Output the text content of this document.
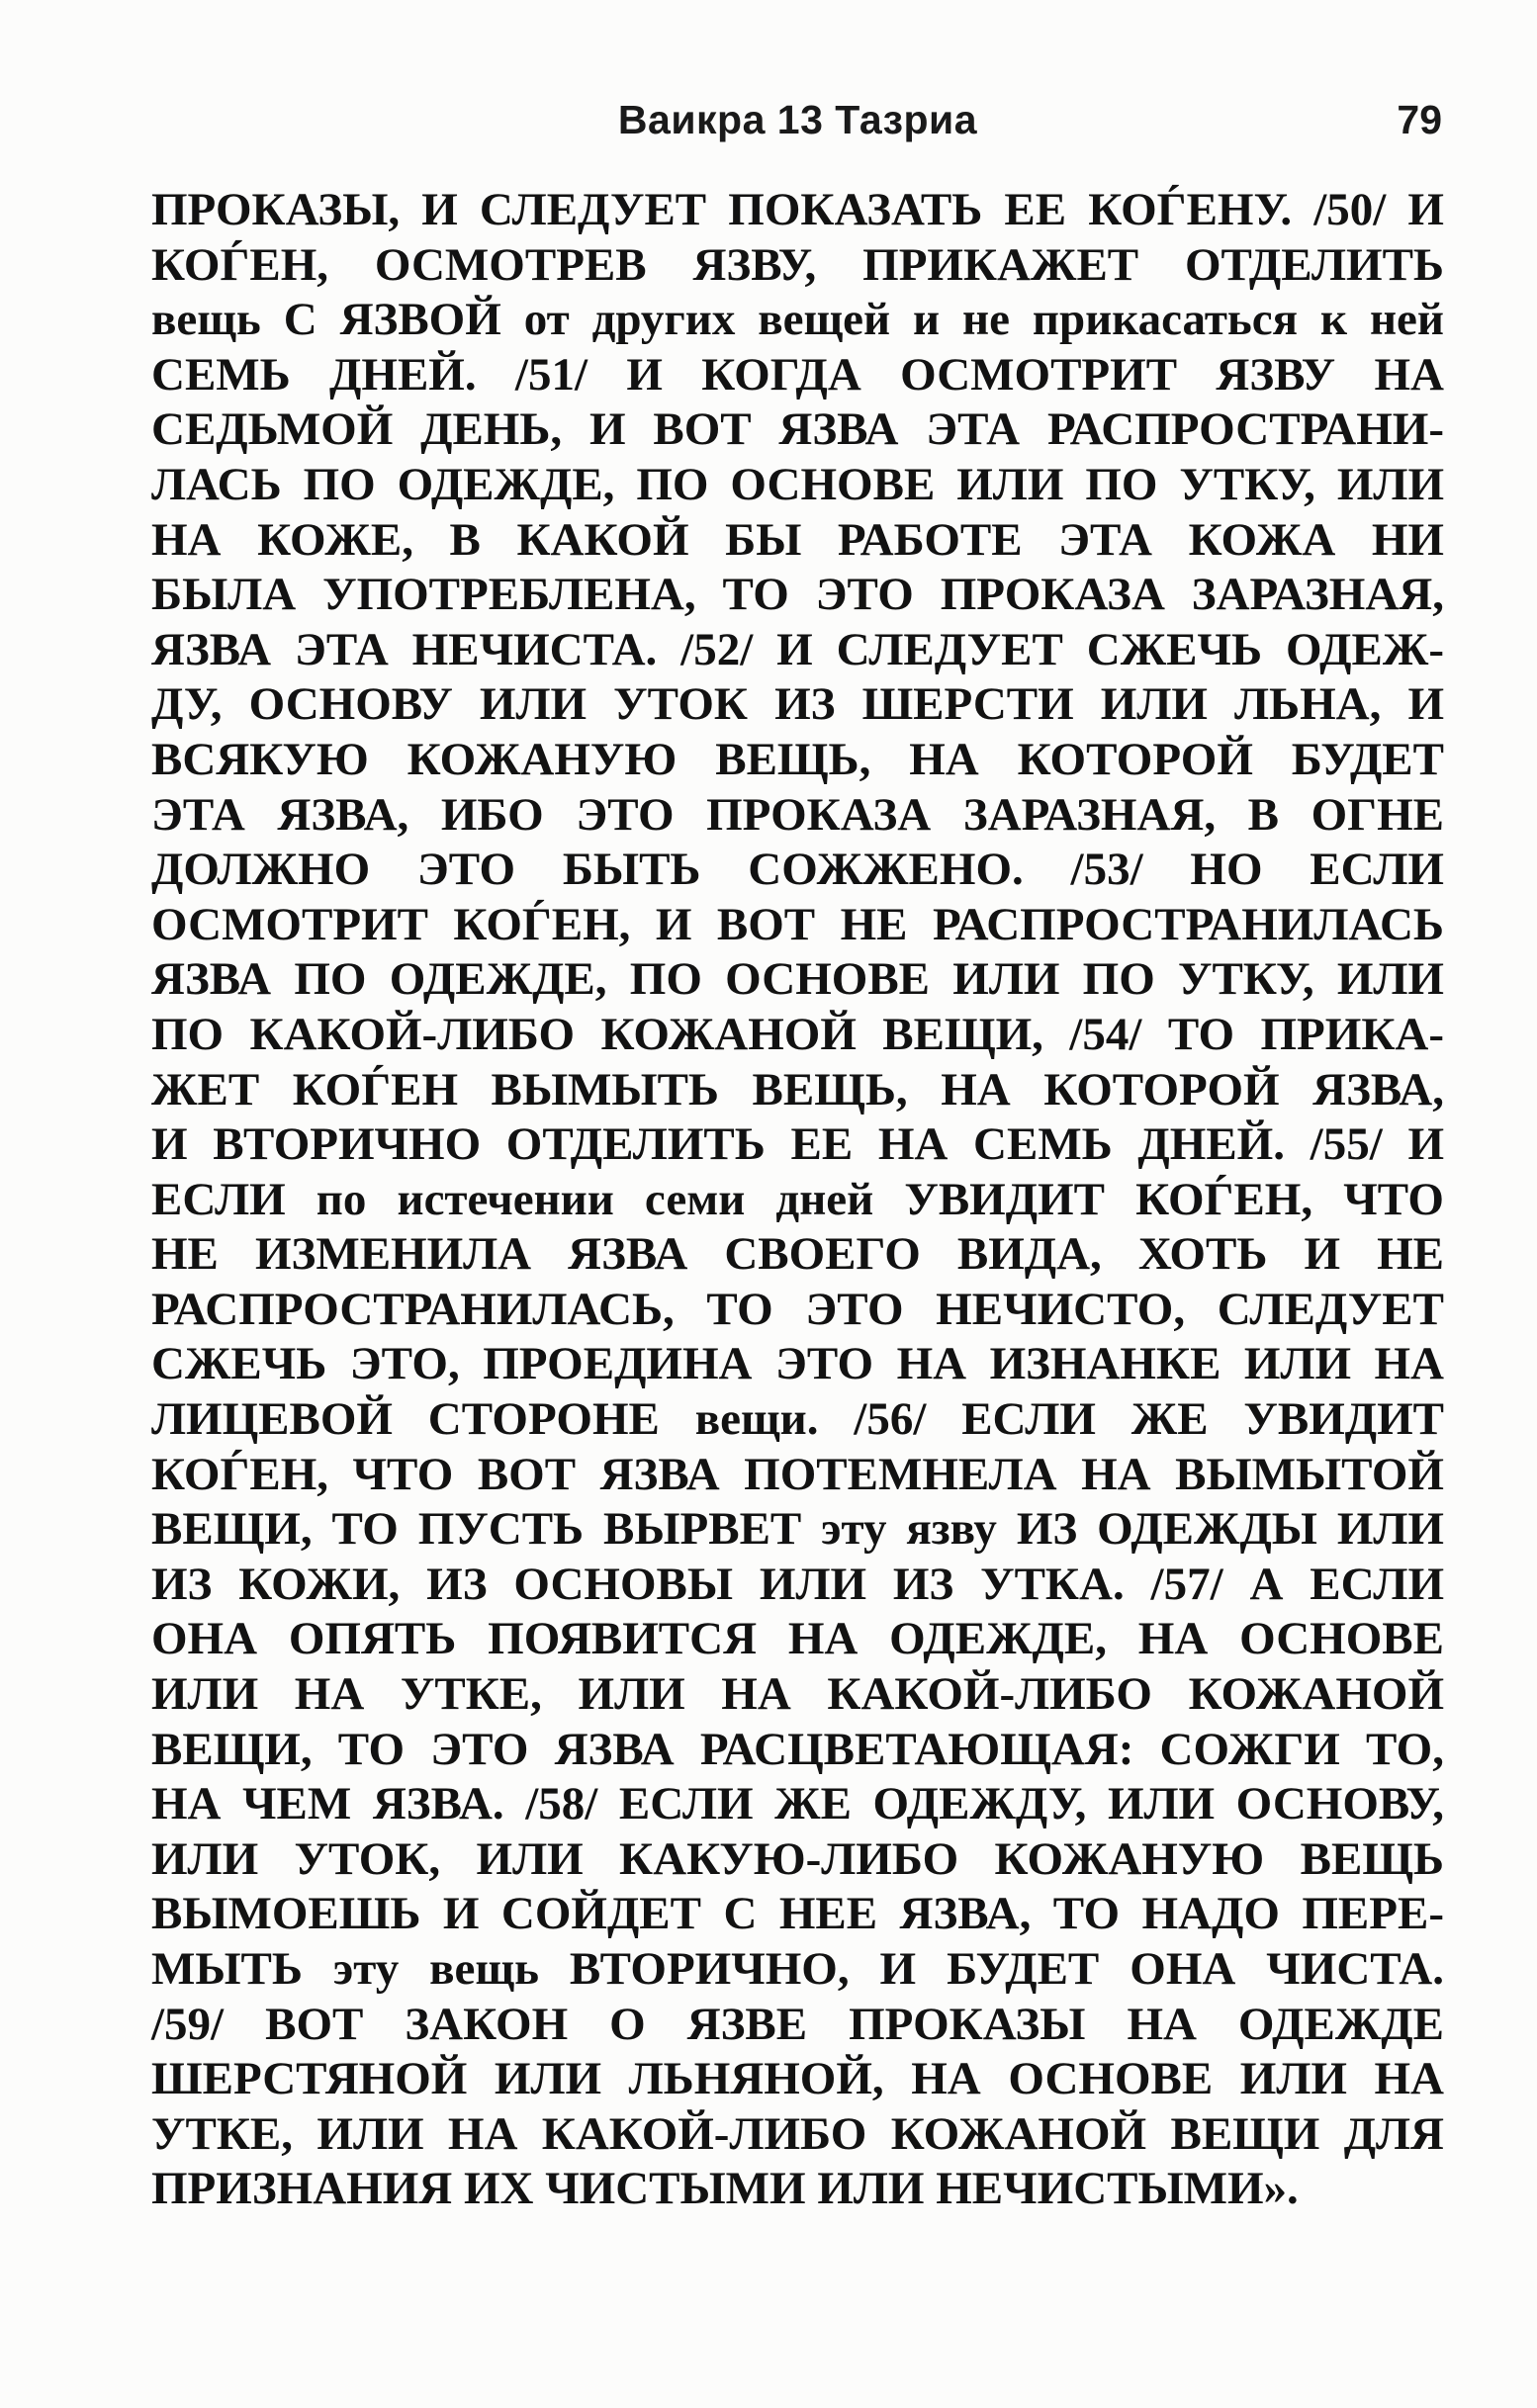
Ваикра 13 Тазриа	79
ПРОКАЗЫ, И СЛЕДУЕТ ПОКАЗАТЬ ЕЕ КОЃЕНУ. /50/ И
КОЃЕН, ОСМОТРЕВ ЯЗВУ, ПРИКАЖЕТ ОТДЕЛИТЬ
вещь С ЯЗВОЙ от других вещей и не прикасаться к ней
СЕМЬ ДНЕЙ. /51/ И КОГДА ОСМОТРИТ ЯЗВУ НА
СЕДЬМОЙ ДЕНЬ, И ВОТ ЯЗВА ЭТА РАСПРОСТРАНИ-
ЛАСЬ ПО ОДЕЖДЕ, ПО ОСНОВЕ ИЛИ ПО УТКУ, ИЛИ
НА КОЖЕ, В КАКОЙ БЫ РАБОТЕ ЭТА КОЖА НИ
БЫЛА УПОТРЕБЛЕНА, ТО ЭТО ПРОКАЗА ЗАРАЗНАЯ,
ЯЗВА ЭТА НЕЧИСТА. /52/ И СЛЕДУЕТ СЖЕЧЬ ОДЕЖ-
ДУ, ОСНОВУ ИЛИ УТОК ИЗ ШЕРСТИ ИЛИ ЛЬНА, И
ВСЯКУЮ КОЖАНУЮ ВЕЩЬ, НА КОТОРОЙ БУДЕТ
ЭТА ЯЗВА, ИБО ЭТО ПРОКАЗА ЗАРАЗНАЯ, В ОГНЕ
ДОЛЖНО ЭТО БЫТЬ СОЖЖЕНО. /53/ НО ЕСЛИ
ОСМОТРИТ КОЃЕН, И ВОТ НЕ РАСПРОСТРАНИЛАСЬ
ЯЗВА ПО ОДЕЖДЕ, ПО ОСНОВЕ ИЛИ ПО УТКУ, ИЛИ
ПО КАКОЙ-ЛИБО КОЖАНОЙ ВЕЩИ, /54/ ТО ПРИКА-
ЖЕТ КОЃЕН ВЫМЫТЬ ВЕЩЬ, НА КОТОРОЙ ЯЗВА,
И ВТОРИЧНО ОТДЕЛИТЬ ЕЕ НА СЕМЬ ДНЕЙ. /55/ И
ЕСЛИ по истечении семи дней УВИДИТ КОЃЕН, ЧТО
НЕ ИЗМЕНИЛА ЯЗВА СВОЕГО ВИДА, ХОТЬ И НЕ
РАСПРОСТРАНИЛАСЬ, ТО ЭТО НЕЧИСТО, СЛЕДУЕТ
СЖЕЧЬ ЭТО, ПРОЕДИНА ЭТО НА ИЗНАНКЕ ИЛИ НА
ЛИЦЕВОЙ СТОРОНЕ вещи. /56/ ЕСЛИ ЖЕ УВИДИТ
КОЃЕН, ЧТО ВОТ ЯЗВА ПОТЕМНЕЛА НА ВЫМЫТОЙ
ВЕЩИ, ТО ПУСТЬ ВЫРВЕТ эту язву ИЗ ОДЕЖДЫ ИЛИ
ИЗ КОЖИ, ИЗ ОСНОВЫ ИЛИ ИЗ УТКА. /57/ А ЕСЛИ
ОНА ОПЯТЬ ПОЯВИТСЯ НА ОДЕЖДЕ, НА ОСНОВЕ
ИЛИ НА УТКЕ, ИЛИ НА КАКОЙ-ЛИБО КОЖАНОЙ
ВЕЩИ, ТО ЭТО ЯЗВА РАСЦВЕТАЮЩАЯ: СОЖГИ ТО,
НА ЧЕМ ЯЗВА. /58/ ЕСЛИ ЖЕ ОДЕЖДУ, ИЛИ ОСНОВУ,
ИЛИ УТОК, ИЛИ КАКУЮ-ЛИБО КОЖАНУЮ ВЕЩЬ
ВЫМОЕШЬ И СОЙДЕТ С НЕЕ ЯЗВА, ТО НАДО ПЕРЕ-
МЫТЬ эту вещь ВТОРИЧНО, И БУДЕТ ОНА ЧИСТА.
/59/ ВОТ ЗАКОН О ЯЗВЕ ПРОКАЗЫ НА ОДЕЖДЕ
ШЕРСТЯНОЙ ИЛИ ЛЬНЯНОЙ, НА ОСНОВЕ ИЛИ НА
УТКЕ, ИЛИ НА КАКОЙ-ЛИБО КОЖАНОЙ ВЕЩИ ДЛЯ
ПРИЗНАНИЯ ИХ ЧИСТЫМИ ИЛИ НЕЧИСТЫМИ».
